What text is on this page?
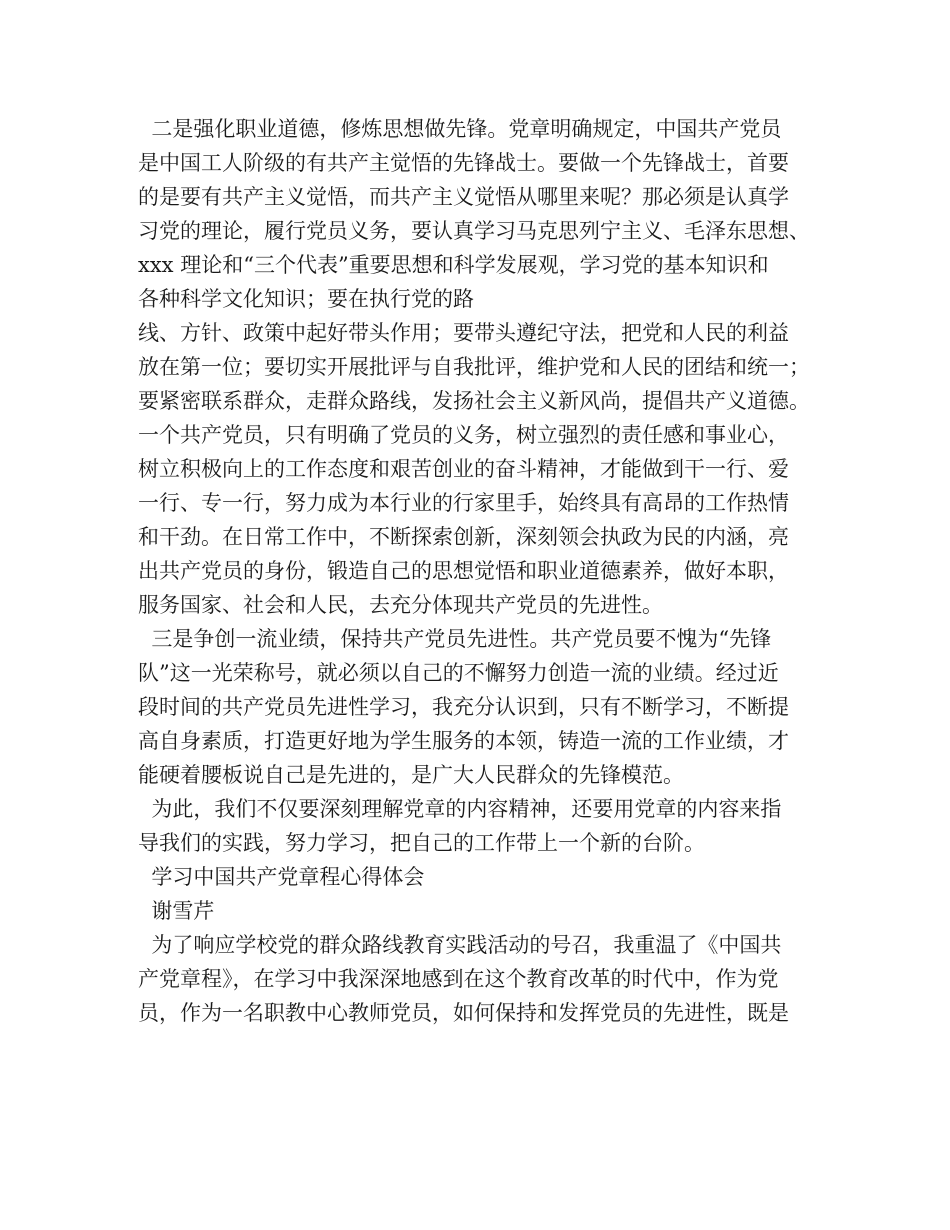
二是强化职业道德，修炼思想做先锋。党章明确规定，中国共产党员
是中国工人阶级的有共产主觉悟的先锋战士。要做一个先锋战士，首要
的是要有共产主义觉悟，而共产主义觉悟从哪里来呢？那必须是认真学
习党的理论，履行党员义务，要认真学习马克思列宁主义、毛泽东思想、
xxx 理论和“三个代表”重要思想和科学发展观，学习党的基本知识和
各种科学文化知识；要在执行党的路
线、方针、政策中起好带头作用；要带头遵纪守法，把党和人民的利益
放在第一位；要切实开展批评与自我批评，维护党和人民的团结和统一；
要紧密联系群众，走群众路线，发扬社会主义新风尚，提倡共产义道德。
一个共产党员，只有明确了党员的义务，树立强烈的责任感和事业心，
树立积极向上的工作态度和艰苦创业的奋斗精神，才能做到干一行、爱
一行、专一行，努力成为本行业的行家里手，始终具有高昂的工作热情
和干劲。在日常工作中，不断探索创新，深刻领会执政为民的内涵，亮
出共产党员的身份，锻造自己的思想觉悟和职业道德素养，做好本职，
服务国家、社会和人民，去充分体现共产党员的先进性。
三是争创一流业绩，保持共产党员先进性。共产党员要不愧为“先锋
队”这一光荣称号，就必须以自己的不懈努力创造一流的业绩。经过近
段时间的共产党员先进性学习，我充分认识到，只有不断学习，不断提
高自身素质，打造更好地为学生服务的本领，铸造一流的工作业绩，才
能硬着腰板说自己是先进的，是广大人民群众的先锋模范。
为此，我们不仅要深刻理解党章的内容精神，还要用党章的内容来指
导我们的实践，努力学习，把自己的工作带上一个新的台阶。
学习中国共产党章程心得体会
谢雪芹
为了响应学校党的群众路线教育实践活动的号召，我重温了《中国共
产党章程》，在学习中我深深地感到在这个教育改革的时代中，作为党
员，作为一名职教中心教师党员，如何保持和发挥党员的先进性，既是
